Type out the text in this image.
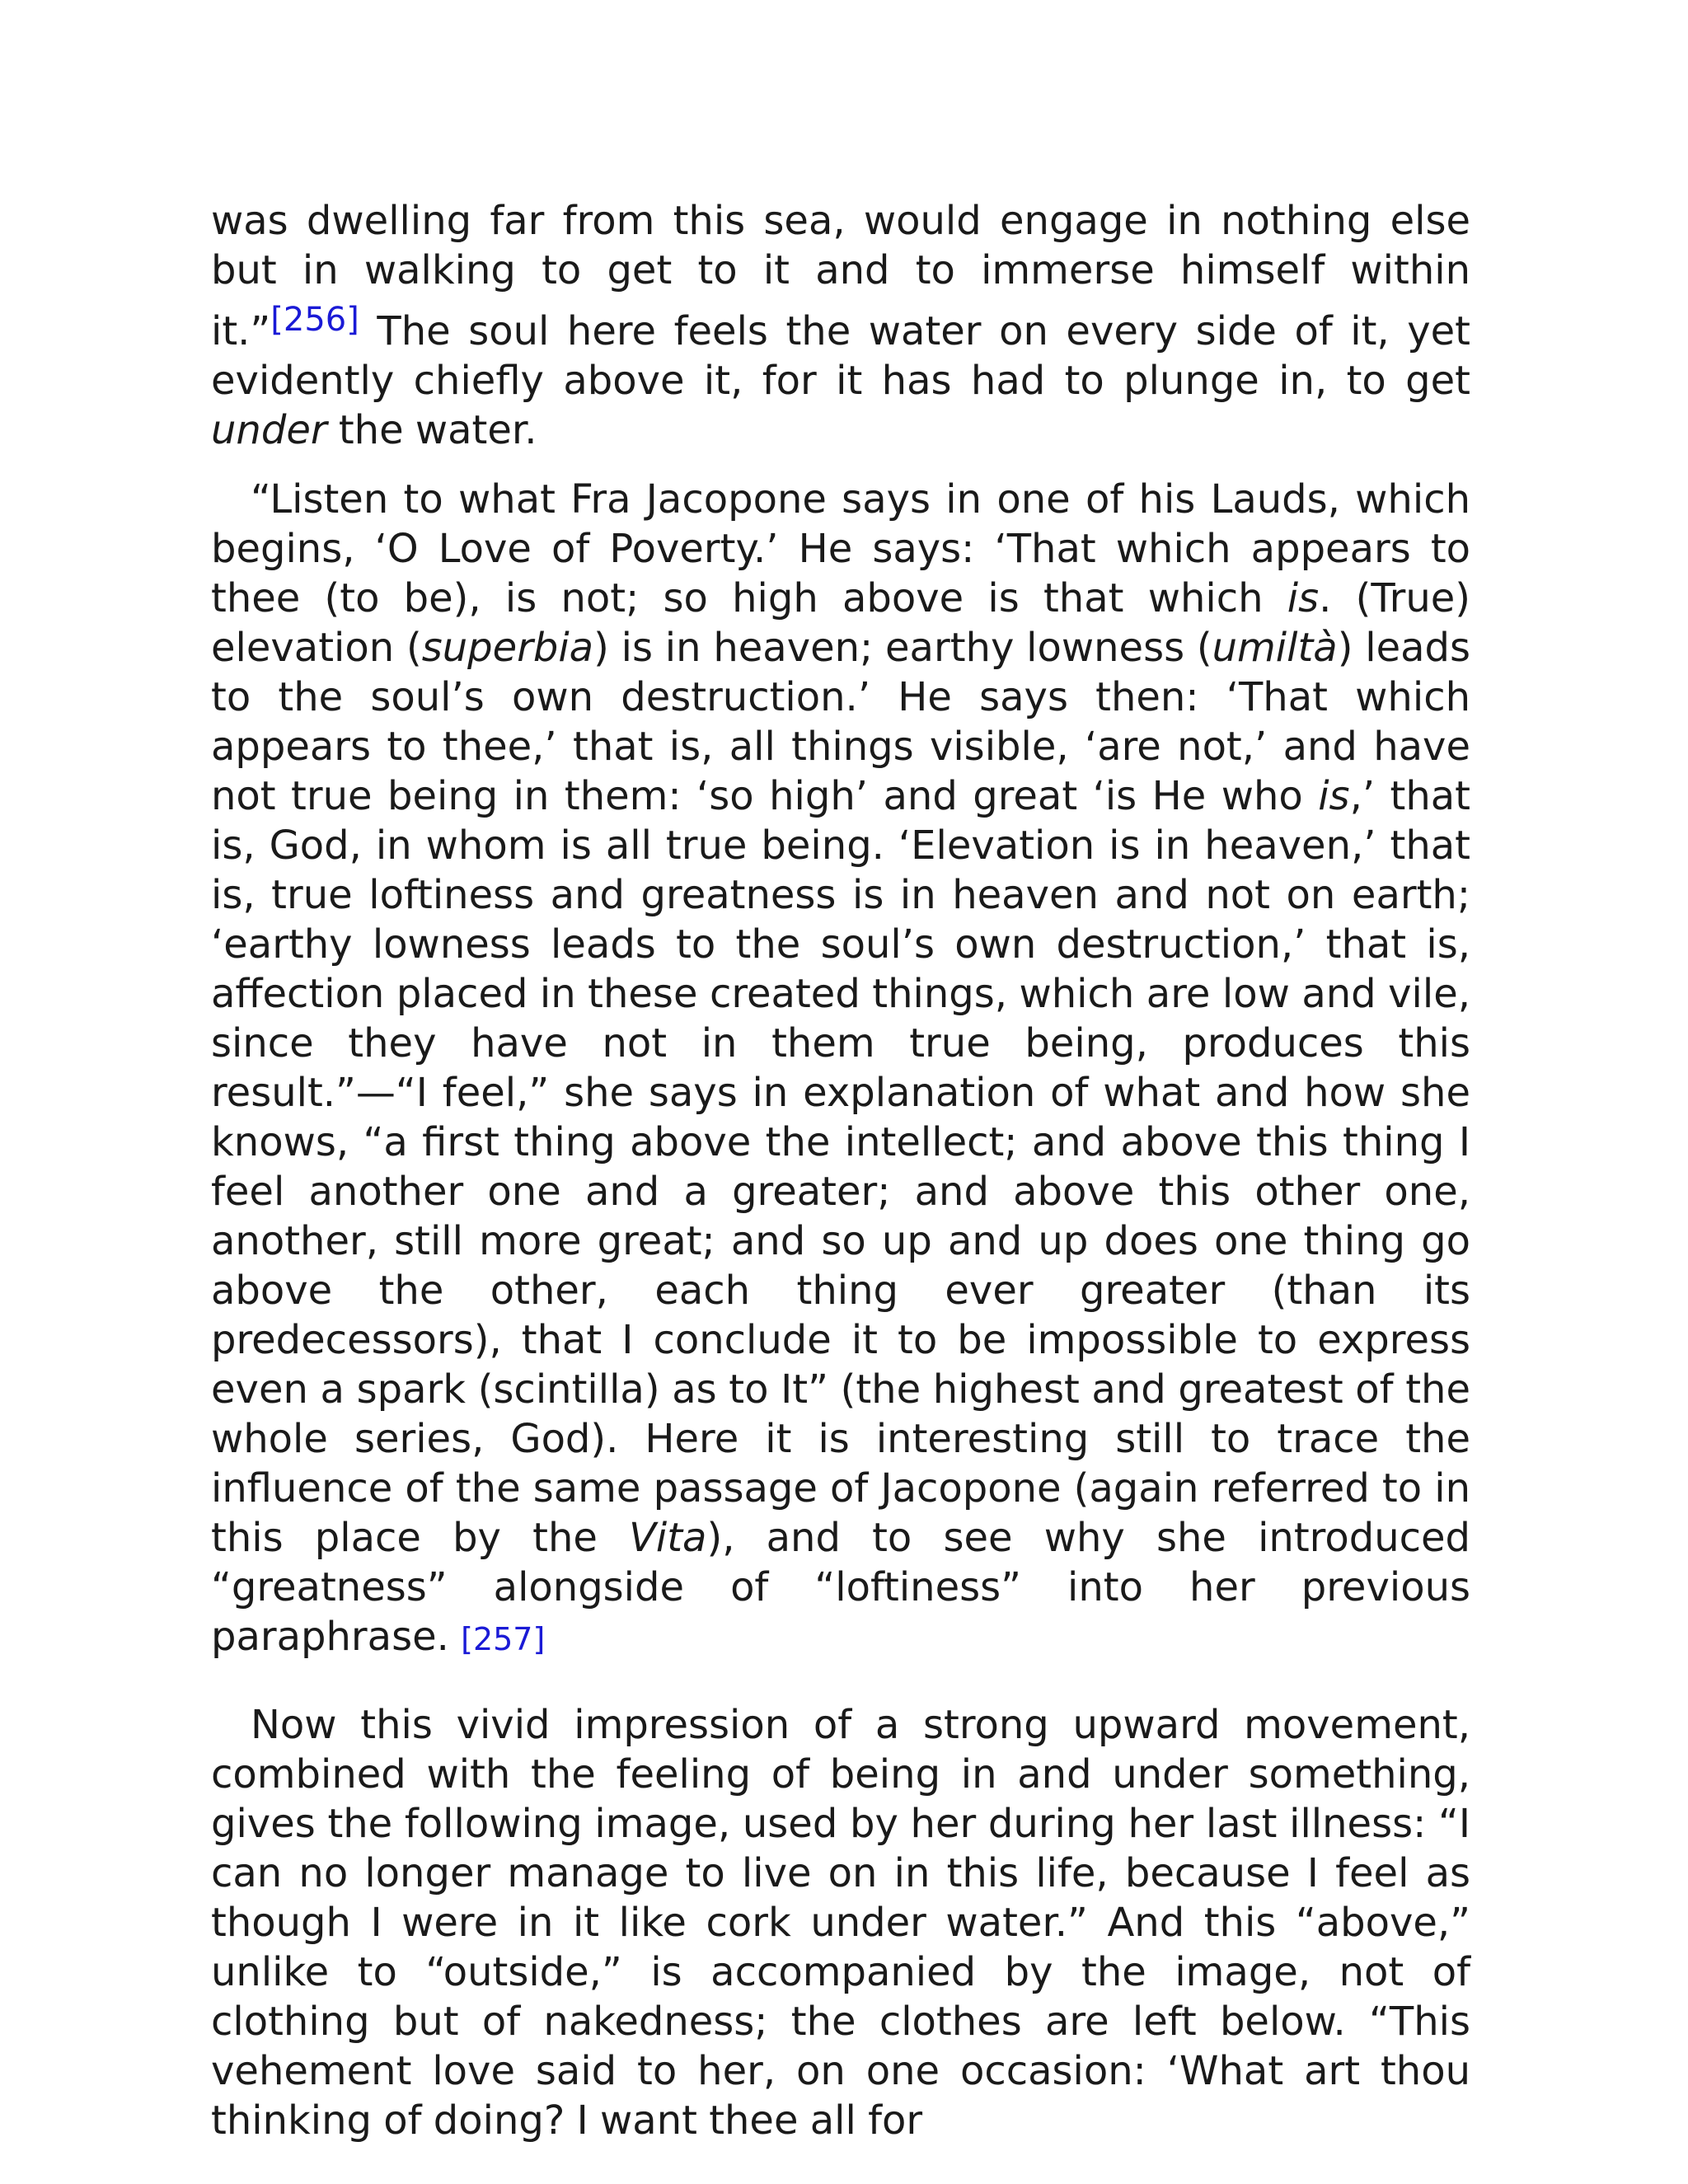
was dwelling far from this sea, would engage in nothing else but in walking to get to it and to immerse himself within it.”[256] The soul here feels the water on every side of it, yet evidently chiefly above it, for it has had to plunge in, to get under the water.

“Listen to what Fra Jacopone says in one of his Lauds, which begins, ‘O Love of Poverty.’ He says: ‘That which appears to thee (to be), is not; so high above is that which is. (True) elevation (superbia) is in heaven; earthy lowness (umiltà) leads to the soul’s own destruction.’ He says then: ‘That which appears to thee,’ that is, all things visible, ‘are not,’ and have not true being in them: ‘so high’ and great ‘is He who is,’ that is, God, in whom is all true being. ‘Elevation is in heaven,’ that is, true loftiness and greatness is in heaven and not on earth; ‘earthy lowness leads to the soul’s own destruction,’ that is, affection placed in these created things, which are low and vile, since they have not in them true being, produces this result.”—“I feel,” she says in explanation of what and how she knows, “a first thing above the intellect; and above this thing I feel another one and a greater; and above this other one, another, still more great; and so up and up does one thing go above the other, each thing ever greater (than its predecessors), that I conclude it to be impossible to express even a spark (scintilla) as to It” (the highest and greatest of the whole series, God). Here it is interesting still to trace the influence of the same passage of Jacopone (again referred to in this place by the Vita), and to see why she introduced “greatness” alongside of “loftiness” into her previous paraphrase. [257]

Now this vivid impression of a strong upward movement, combined with the feeling of being in and under something, gives the following image, used by her during her last illness: “I can no longer manage to live on in this life, because I feel as though I were in it like cork under water.” And this “above,” unlike to “outside,” is accompanied by the image, not of clothing but of nakedness; the clothes are left below. “This vehement love said to her, on one occasion: ‘What art thou thinking of doing? I want thee all for
